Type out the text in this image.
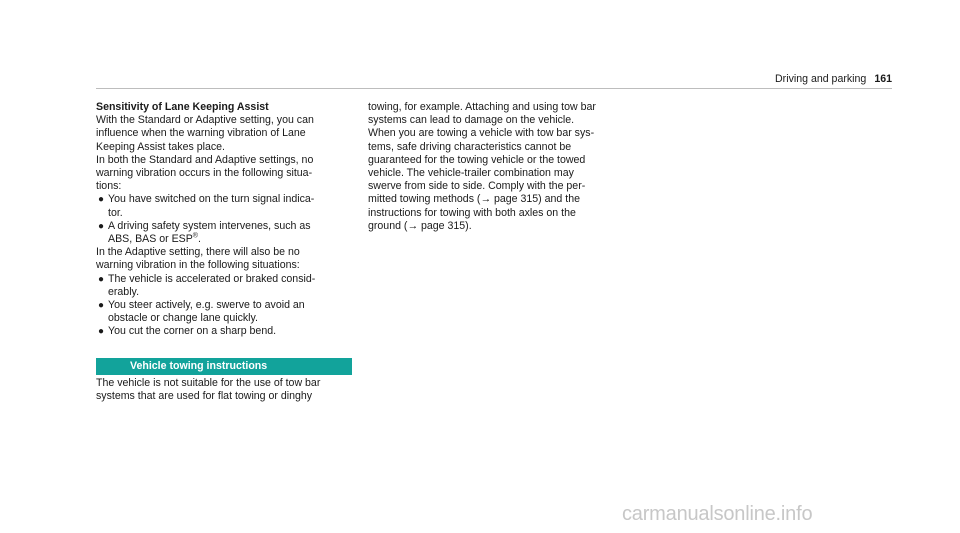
Driving and parking 161

Sensitivity of Lane Keeping Assist

With the Standard or Adaptive setting, you can
influence when the warning vibration of Lane
Keeping Assist takes place.
In both the Standard and Adaptive settings, no
warning vibration occurs in the following situa-
tions:
● You have switched on the turn signal indica-
tor.
● A driving safety system intervenes, such as
ABS, BAS or ESP®.
In the Adaptive setting, there will also be no
warning vibration in the following situations:
● The vehicle is accelerated or braked consid-
erably.
● You steer actively, e.g. swerve to avoid an
obstacle or change lane quickly.
● You cut the corner on a sharp bend.
Vehicle towing instructions
The vehicle is not suitable for the use of tow bar
systems that are used for flat towing or dinghy
towing, for example. Attaching and using tow bar
systems can lead to damage on the vehicle.
When you are towing a vehicle with tow bar sys-
tems, safe driving characteristics cannot be
guaranteed for the towing vehicle or the towed
vehicle. The vehicle-trailer combination may
swerve from side to side. Comply with the per-
mitted towing methods (→ page 315) and the
instructions for towing with both axles on the
ground (→ page 315).
carmanualsonline.info
